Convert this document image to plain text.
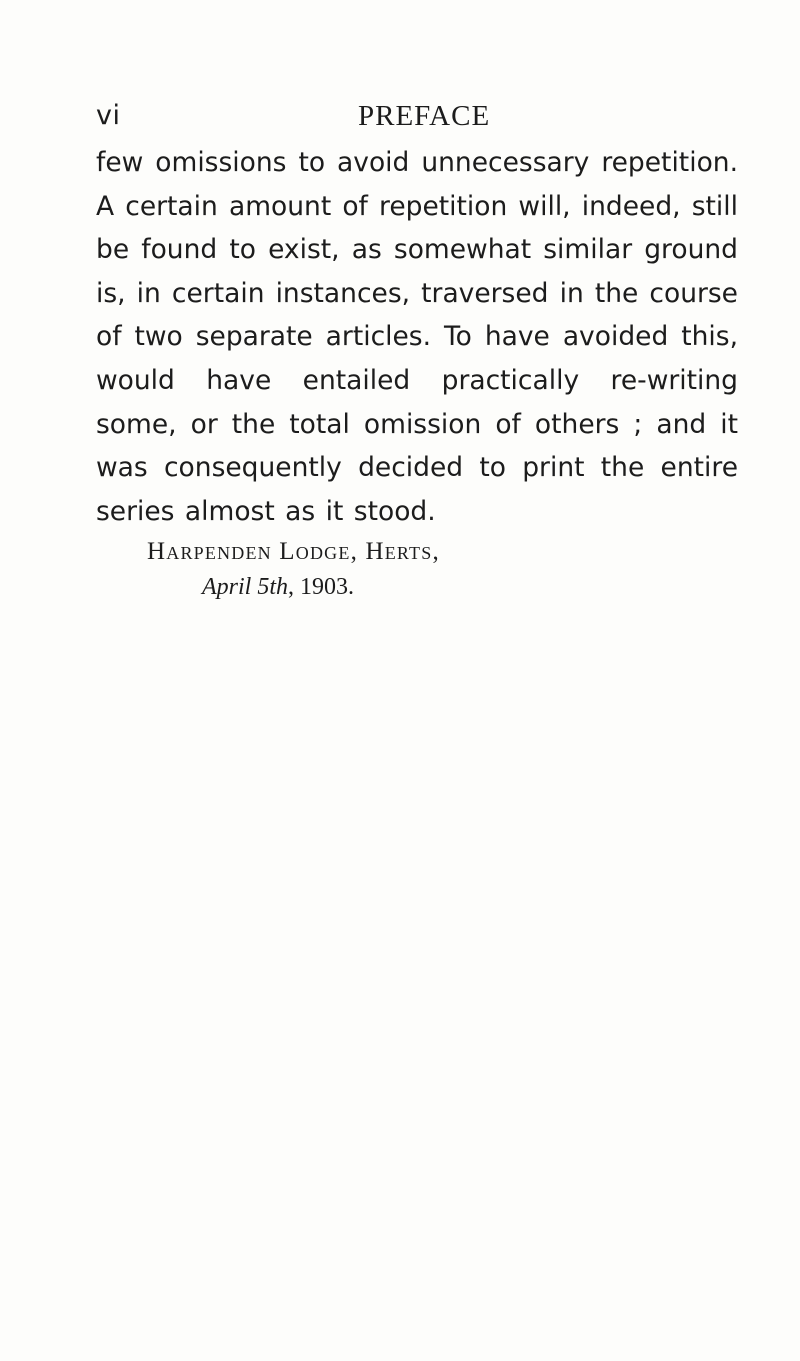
vi	PREFACE

few omissions to avoid unnecessary repetition. A certain amount of repetition will, indeed, still be found to exist, as somewhat similar ground is, in certain instances, traversed in the course of two separate articles. To have avoided this, would have entailed practically re-writing some, or the total omission of others ; and it was consequently decided to print the entire series almost as it stood.

Harpenden Lodge, Herts,
April 5th, 1903.
